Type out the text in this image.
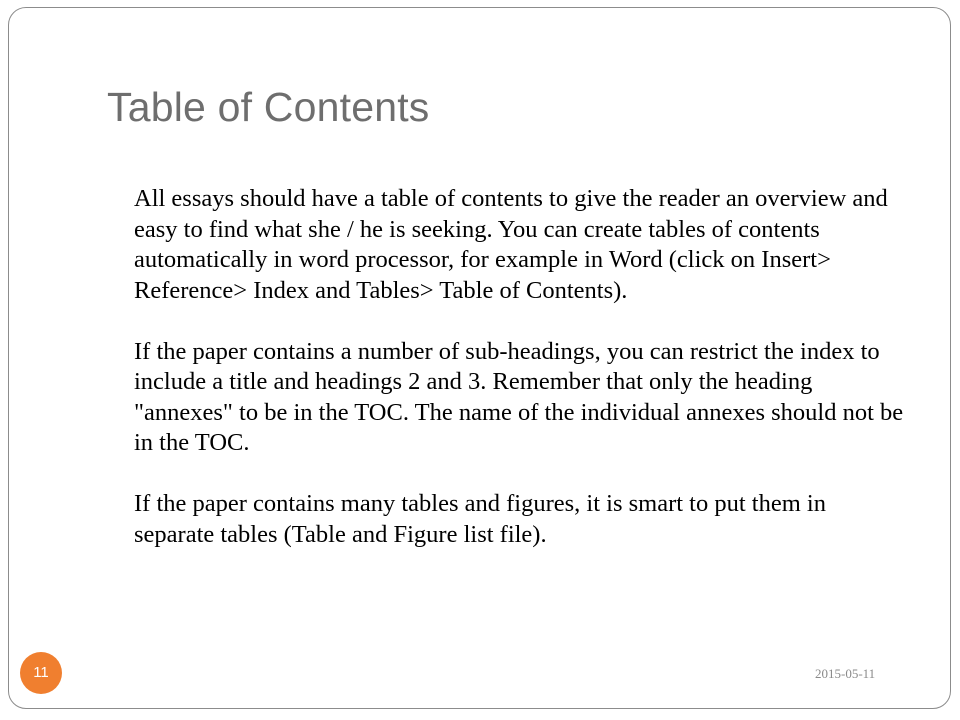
Table of Contents

All essays should have a table of contents to give the reader an overview and easy to find what she / he is seeking. You can create tables of contents automatically in word processor, for example in Word (click on Insert> Reference> Index and Tables> Table of Contents).

If the paper contains a number of sub-headings, you can restrict the index to include a title and headings 2 and 3. Remember that only the heading "annexes" to be in the TOC. The name of the individual annexes should not be in the TOC.

If the paper contains many tables and figures, it is smart to put them in separate tables (Table and Figure list file).

11	2015-05-11
